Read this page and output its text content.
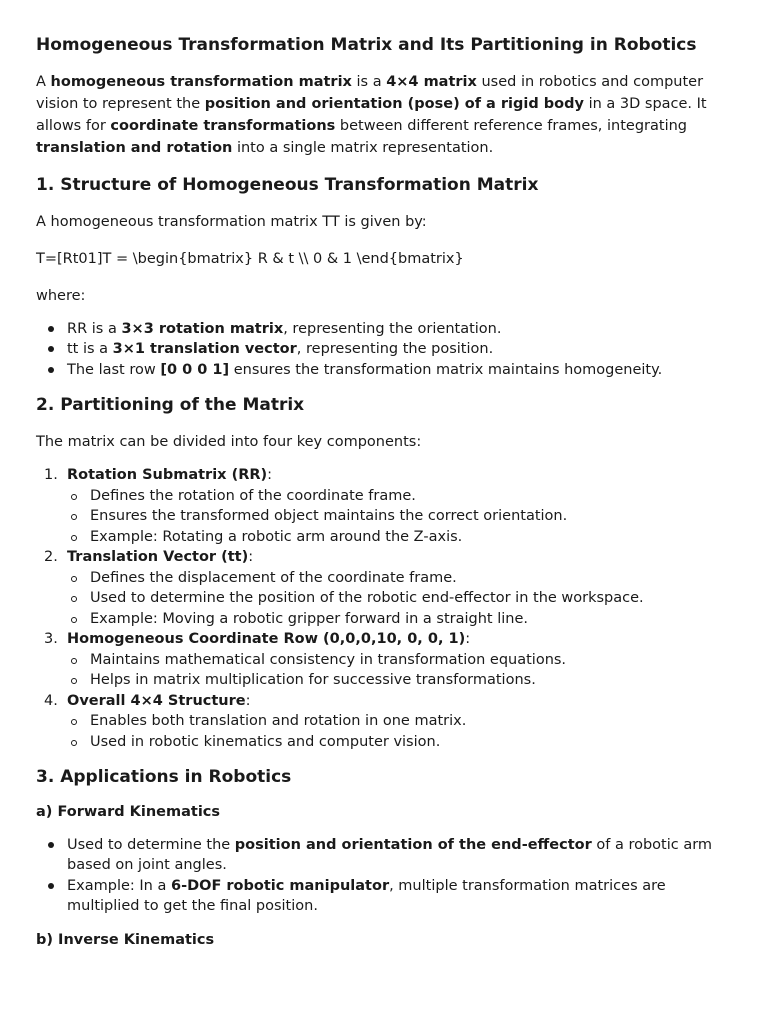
Homogeneous Transformation Matrix and Its Partitioning in Robotics

A homogeneous transformation matrix is a 4×4 matrix used in robotics and computer vision to represent the position and orientation (pose) of a rigid body in a 3D space. It allows for coordinate transformations between different reference frames, integrating translation and rotation into a single matrix representation.

1. Structure of Homogeneous Transformation Matrix

A homogeneous transformation matrix TT is given by:

T=[Rt01]T = \begin{bmatrix} R & t \\ 0 & 1 \end{bmatrix}

where:

RR is a 3×3 rotation matrix, representing the orientation.
tt is a 3×1 translation vector, representing the position.
The last row [0 0 0 1] ensures the transformation matrix maintains homogeneity.
2. Partitioning of the Matrix

The matrix can be divided into four key components:

1. Rotation Submatrix (RR):
Defines the rotation of the coordinate frame.
Ensures the transformed object maintains the correct orientation.
Example: Rotating a robotic arm around the Z-axis.
2. Translation Vector (tt):
Defines the displacement of the coordinate frame.
Used to determine the position of the robotic end-effector in the workspace.
Example: Moving a robotic gripper forward in a straight line.
3. Homogeneous Coordinate Row (0,0,0,10, 0, 0, 1):
Maintains mathematical consistency in transformation equations.
Helps in matrix multiplication for successive transformations.
4. Overall 4×4 Structure:
Enables both translation and rotation in one matrix.
Used in robotic kinematics and computer vision.
3. Applications in Robotics
a) Forward Kinematics
Used to determine the position and orientation of the end-effector of a robotic arm based on joint angles.
Example: In a 6-DOF robotic manipulator, multiple transformation matrices are multiplied to get the final position.
b) Inverse Kinematics
